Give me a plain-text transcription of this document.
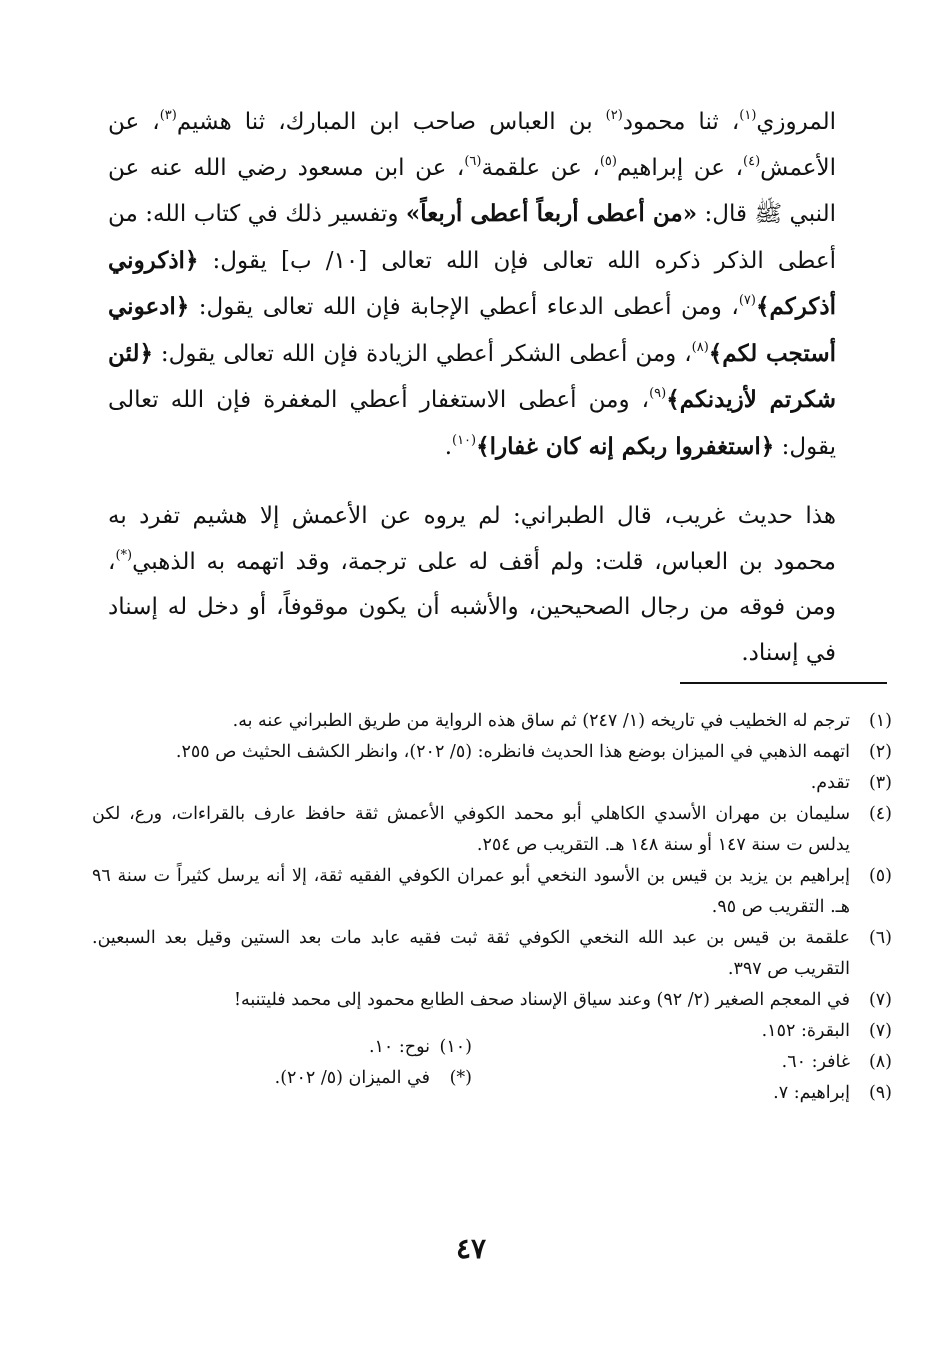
المروزي$^{(١)}$، ثنا محمود$^{(٢)}$ بن العباس صاحب ابن المبارك، ثنا هشيم$^{(٣)}$، عن الأعمش$^{(٤)}$، عن إبراهيم$^{(٥)}$، عن علقمة$^{(٦)}$، عن ابن مسعود رضي الله عنه عن النبي ﷺ قال: «من أعطى أربعاً أعطى أربعاً» وتفسير ذلك في كتاب الله: من أعطى الذكر ذكره الله تعالى فإن الله تعالى [١٠/ ب] يقول: ﴿اذكروني أذكركم﴾$^{(٧)}$، ومن أعطى الدعاء أعطي الإجابة فإن الله تعالى يقول: ﴿ادعوني أستجب لكم﴾$^{(٨)}$، ومن أعطى الشكر أعطي الزيادة فإن الله تعالى يقول: ﴿لئن شكرتم لأزيدنكم﴾$^{(٩)}$، ومن أعطى الاستغفار أعطي المغفرة فإن الله تعالى يقول: ﴿استغفروا ربكم إنه كان غفارا﴾$^{(١٠)}$.

هذا حديث غريب، قال الطبراني: لم يروه عن الأعمش إلا هشيم تفرد به محمود بن العباس، قلت: ولم أقف له على ترجمة، وقد اتهمه به الذهبي(*)، ومن فوقه من رجال الصحيحين، والأشبه أن يكون موقوفاً، أو دخل له إسناد في إسناد.

(١)
ترجم له الخطيب في تاريخه (١/ ٢٤٧) ثم ساق هذه الرواية من طريق الطبراني عنه به.
(٢)
اتهمه الذهبي في الميزان بوضع هذا الحديث فانظره: (٥/ ٢٠٢)، وانظر الكشف الحثيث ص ٢٥٥.
(٣)
تقدم.
(٤)
سليمان بن مهران الأسدي الكاهلي أبو محمد الكوفي الأعمش ثقة حافظ عارف بالقراءات، ورع، لكن يدلس ت سنة ١٤٧ أو سنة ١٤٨ هـ. التقريب ص ٢٥٤.
(٥)
إبراهيم بن يزيد بن قيس بن الأسود النخعي أبو عمران الكوفي الفقيه ثقة، إلا أنه يرسل كثيراً ت سنة ٩٦ هـ. التقريب ص ٩٥.
(٦)
علقمة بن قيس بن عبد الله النخعي الكوفي ثقة ثبت فقيه عابد مات بعد الستين وقيل بعد السبعين. التقريب ص ٣٩٧.
(٧)
في المعجم الصغير (٢/ ٩٢) وعند سياق الإسناد صحف الطابع محمود إلى محمد فليتنبه!
(٧)
البقرة: ١٥٢.
(٨)
غافر: ٦٠.
(٩)
إبراهيم: ٧.
(١٠)
نوح: ١٠.
(*)
في الميزان (٥/ ٢٠٢).
٤٧
